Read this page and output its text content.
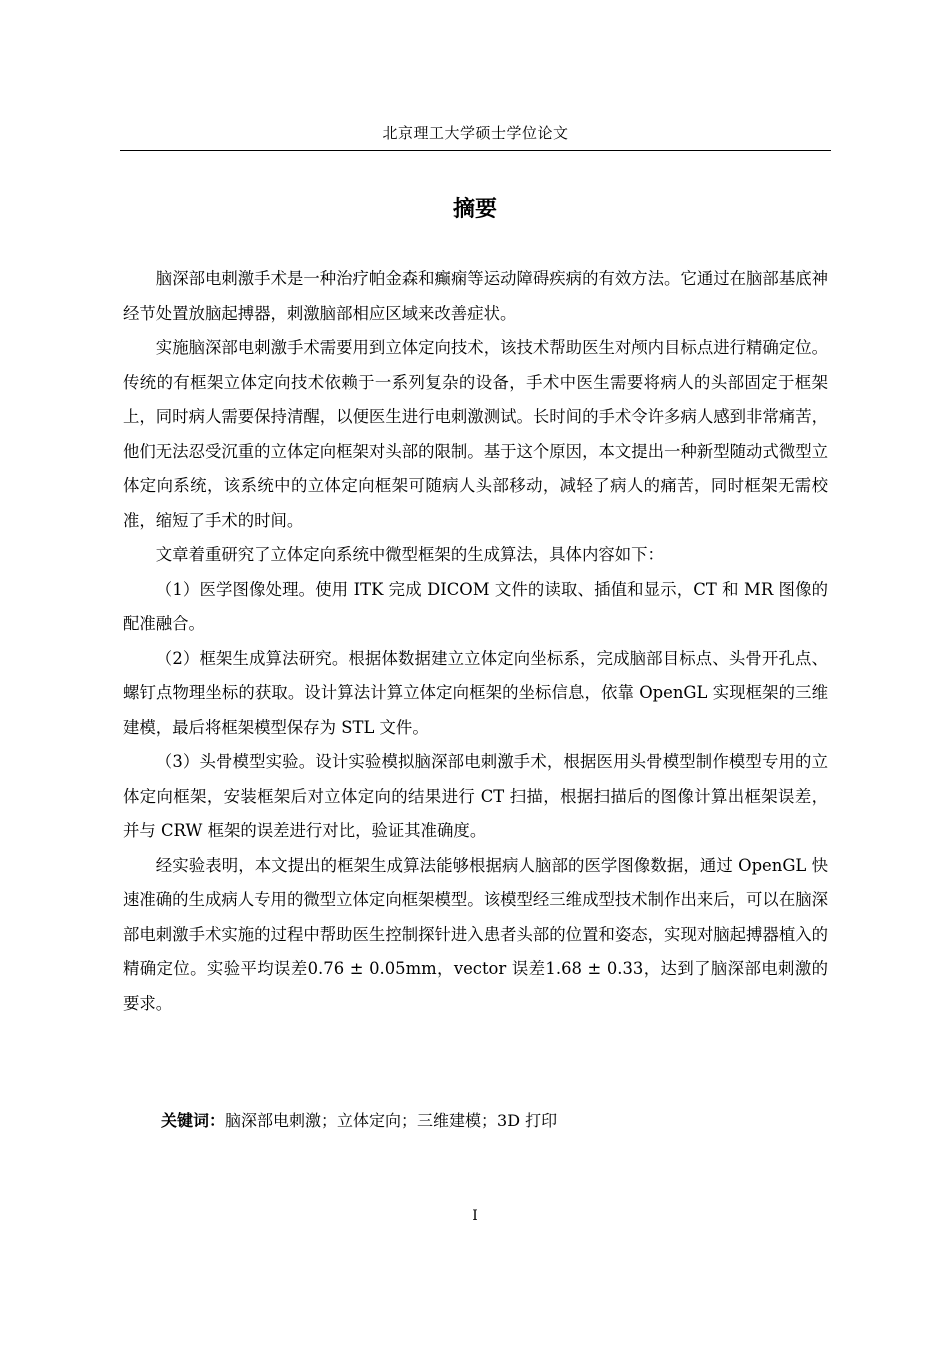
北京理工大学硕士学位论文
摘要

脑深部电刺激手术是一种治疗帕金森和癫痫等运动障碍疾病的有效方法。它通过在脑部基底神经节处置放脑起搏器，刺激脑部相应区域来改善症状。

实施脑深部电刺激手术需要用到立体定向技术，该技术帮助医生对颅内目标点进行精确定位。传统的有框架立体定向技术依赖于一系列复杂的设备，手术中医生需要将病人的头部固定于框架上，同时病人需要保持清醒，以便医生进行电刺激测试。长时间的手术令许多病人感到非常痛苦，他们无法忍受沉重的立体定向框架对头部的限制。基于这个原因，本文提出一种新型随动式微型立体定向系统，该系统中的立体定向框架可随病人头部移动，减轻了病人的痛苦，同时框架无需校准，缩短了手术的时间。

文章着重研究了立体定向系统中微型框架的生成算法，具体内容如下：

（1）医学图像处理。使用 ITK 完成 DICOM 文件的读取、插值和显示，CT 和 MR 图像的配准融合。

（2）框架生成算法研究。根据体数据建立立体定向坐标系，完成脑部目标点、头骨开孔点、螺钉点物理坐标的获取。设计算法计算立体定向框架的坐标信息，依靠 OpenGL 实现框架的三维建模，最后将框架模型保存为 STL 文件。

（3）头骨模型实验。设计实验模拟脑深部电刺激手术，根据医用头骨模型制作模型专用的立体定向框架，安装框架后对立体定向的结果进行 CT 扫描，根据扫描后的图像计算出框架误差，并与 CRW 框架的误差进行对比，验证其准确度。

经实验表明，本文提出的框架生成算法能够根据病人脑部的医学图像数据，通过 OpenGL 快速准确的生成病人专用的微型立体定向框架模型。该模型经三维成型技术制作出来后，可以在脑深部电刺激手术实施的过程中帮助医生控制探针进入患者头部的位置和姿态，实现对脑起搏器植入的精确定位。实验平均误差0.76 ± 0.05mm，vector 误差1.68 ± 0.33，达到了脑深部电刺激的要求。

关键词：脑深部电刺激；立体定向；三维建模；3D 打印
I
